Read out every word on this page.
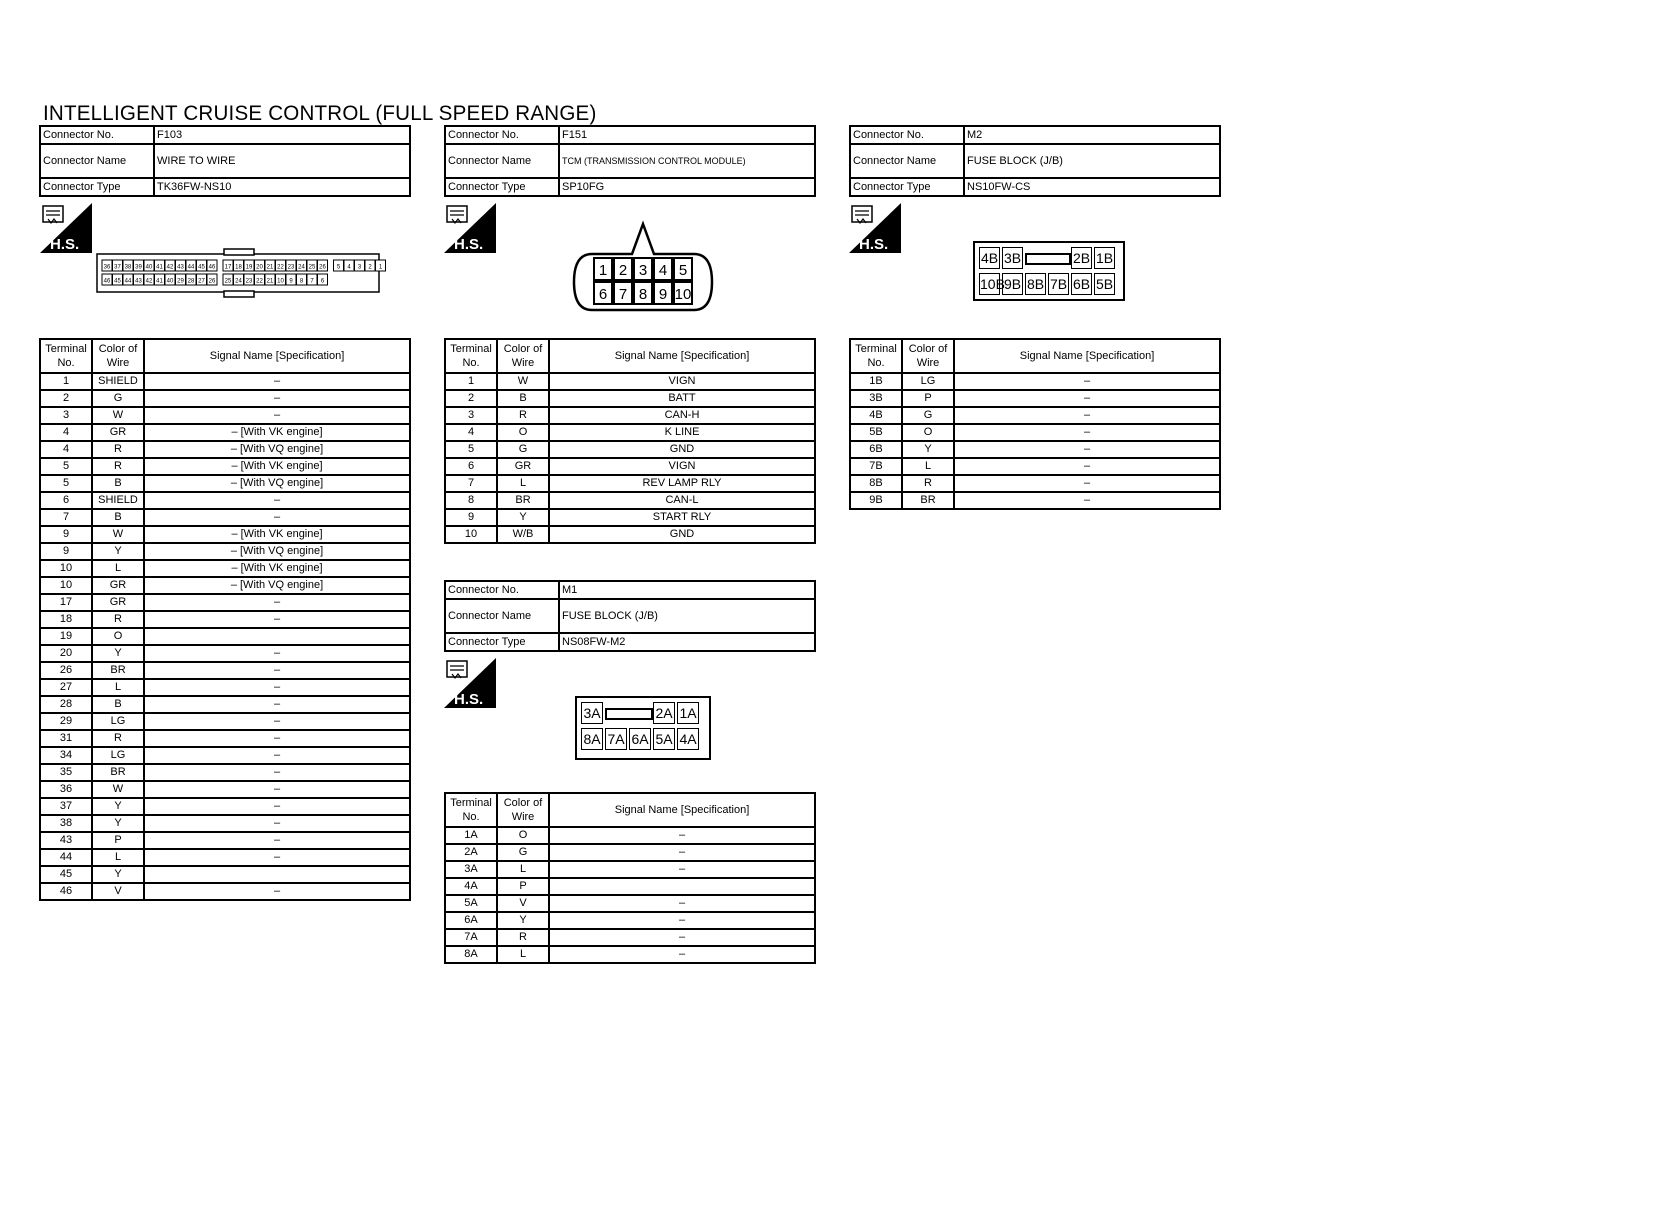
INTELLIGENT CRUISE CONTROL (FULL SPEED RANGE)
Connector No.	F103
Connector Name	WIRE TO WIRE
Connector Type	TK36FW-NS10
H.S.
36 37 38 39 40 41 42 43 44 45 46 17 18 19 20 21 22 23 24 25 26 5 4 3 2 1
46 45 44 43 42 41 40 29 28 27 26 25 24 23 22 21 10 9 8 7 6
Terminal No.	Color of Wire	Signal Name [Specification]
1	SHIELD	–
2	G	–
3	W	–
4	GR	– [With VK engine]
4	R	– [With VQ engine]
5	R	– [With VK engine]
5	B	– [With VQ engine]
6	SHIELD	–
7	B	–
9	W	– [With VK engine]
9	Y	– [With VQ engine]
10	L	– [With VK engine]
10	GR	– [With VQ engine]
17	GR	–
18	R	–
19	O	
20	Y	–
26	BR	–
27	L	–
28	B	–
29	LG	–
31	R	–
34	LG	–
35	BR	–
36	W	–
37	Y	–
38	Y	–
43	P	–
44	L	–
45	Y	
46	V	–
Connector No.	F151
Connector Name	TCM (TRANSMISSION CONTROL MODULE)
Connector Type	SP10FG
H.S.
1 2 3 4 5
6 7 8 9 10
Terminal No.	Color of Wire	Signal Name [Specification]
1	W	VIGN
2	B	BATT
3	R	CAN-H
4	O	K LINE
5	G	GND
6	GR	VIGN
7	L	REV LAMP RLY
8	BR	CAN-L
9	Y	START RLY
10	W/B	GND
Connector No.	M1
Connector Name	FUSE BLOCK (J/B)
Connector Type	NS08FW-M2
H.S.
3A	2A 1A
8A 7A 6A 5A 4A
Terminal No.	Color of Wire	Signal Name [Specification]
1A	O	–
2A	G	–
3A	L	–
4A	P	
5A	V	–
6A	Y	–
7A	R	–
8A	L	–
Connector No.	M2
Connector Name	FUSE BLOCK (J/B)
Connector Type	NS10FW-CS
H.S.
4B 3B	2B 1B
10B 9B 8B 7B 6B 5B
Terminal No.	Color of Wire	Signal Name [Specification]
1B	LG	–
3B	P	–
4B	G	–
5B	O	–
6B	Y	–
7B	L	–
8B	R	–
9B	BR	–
